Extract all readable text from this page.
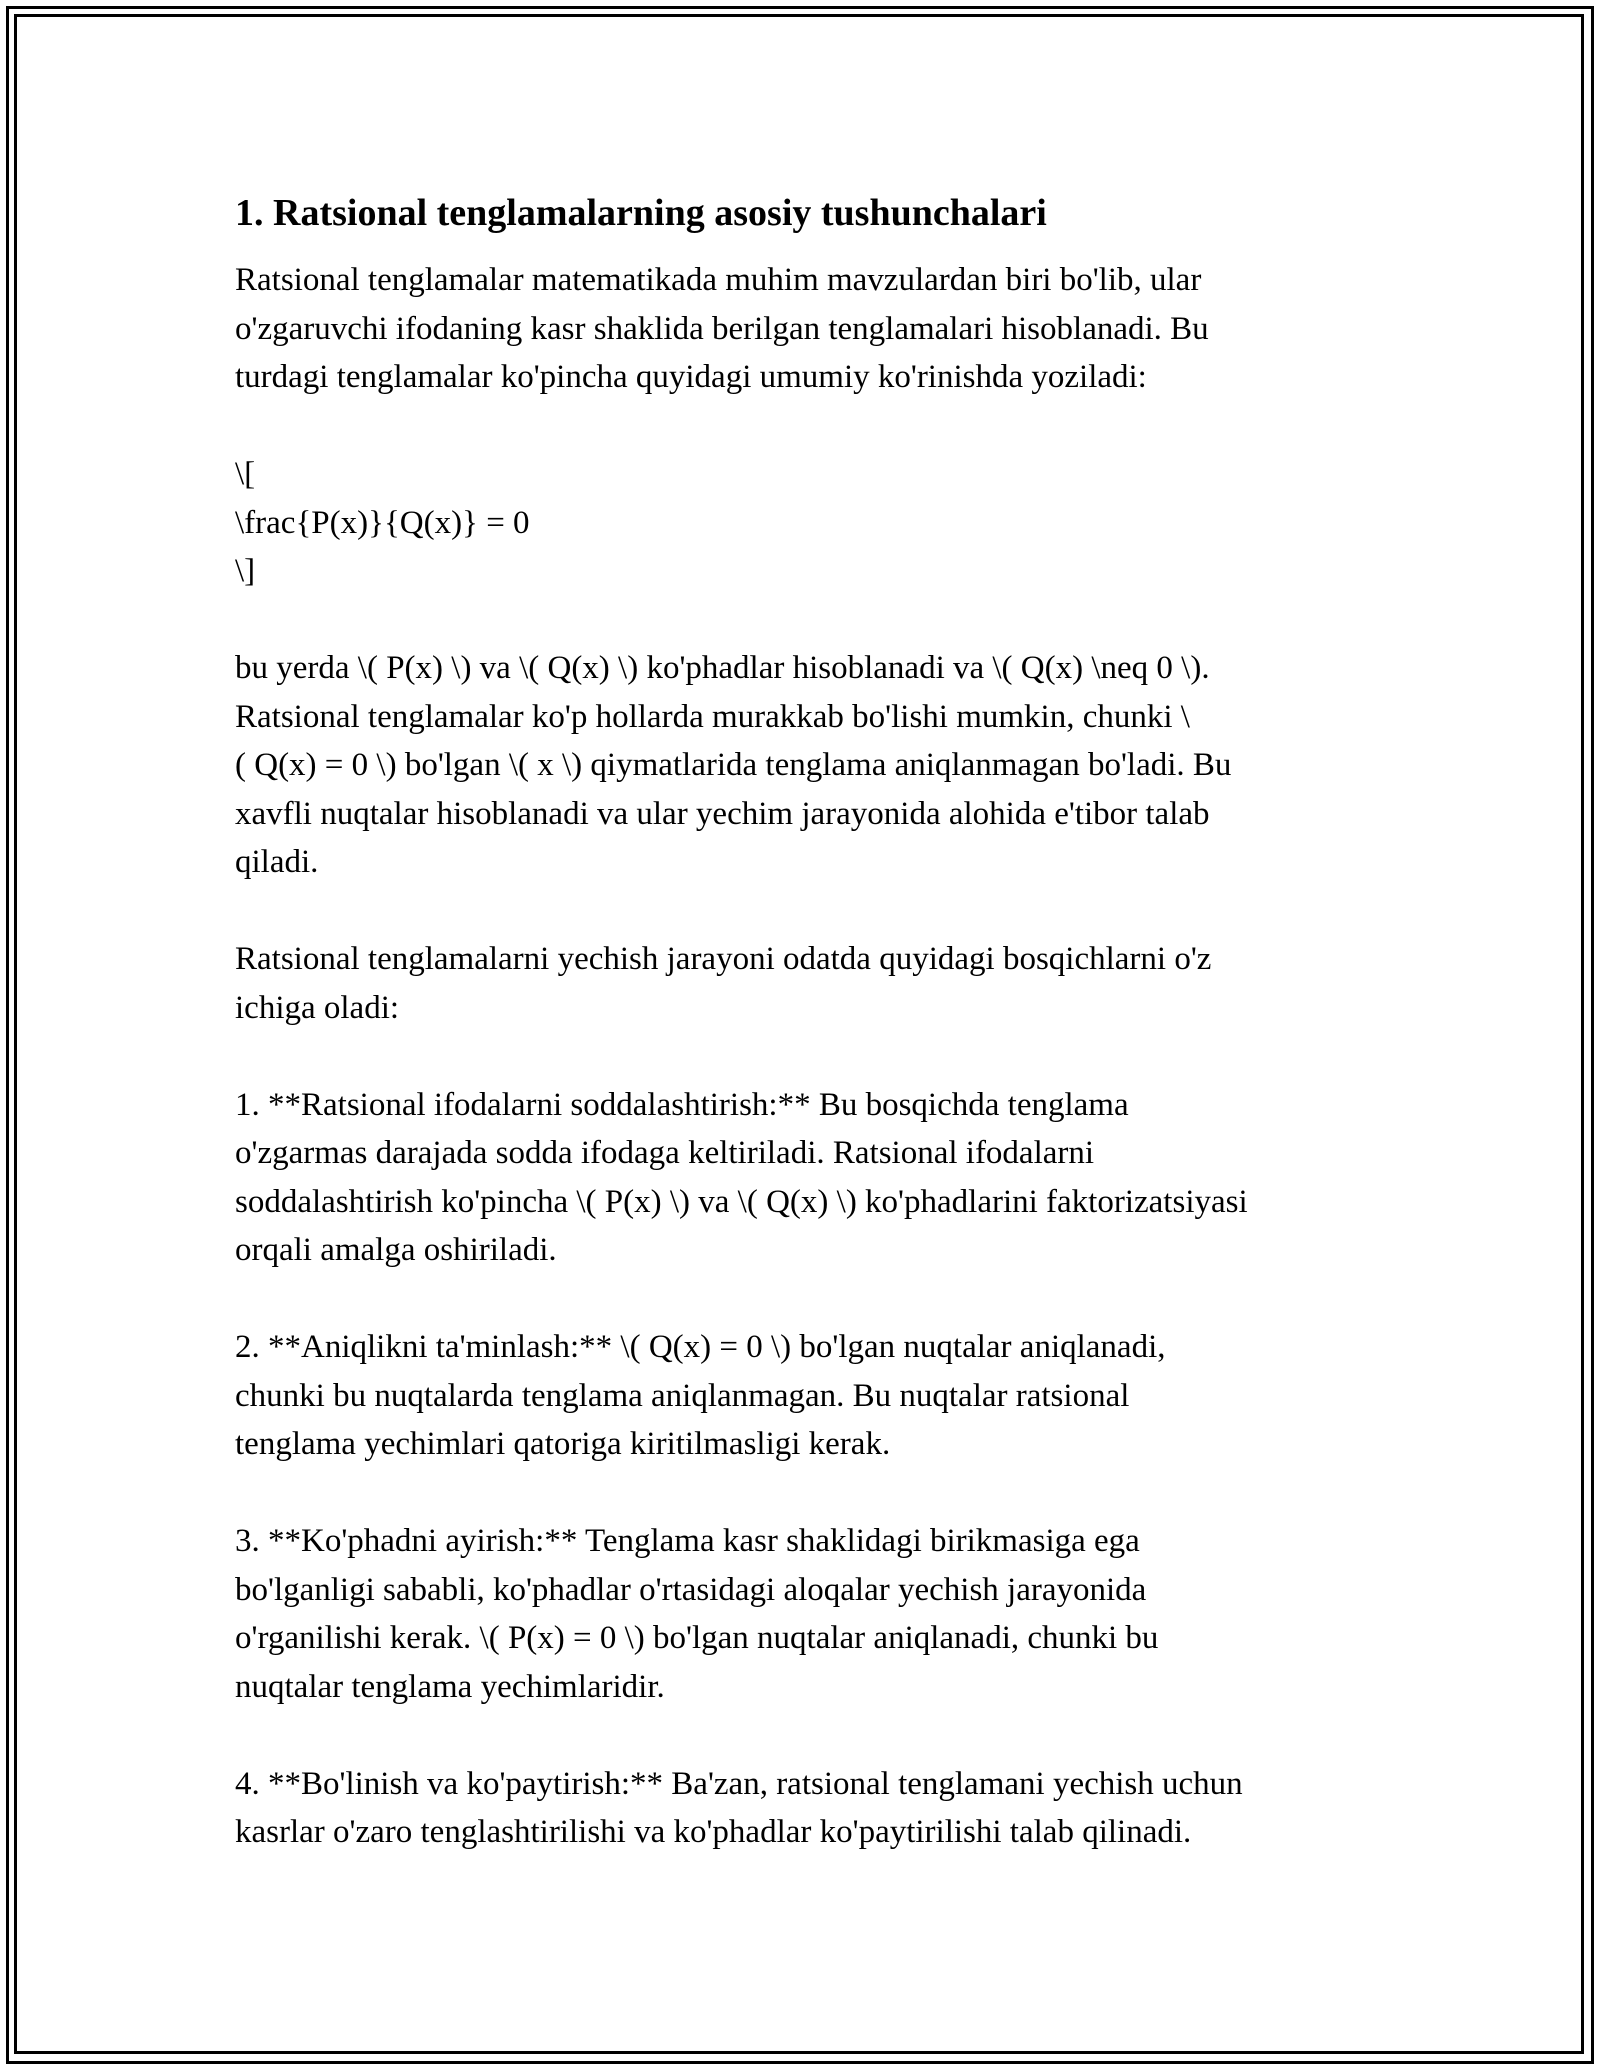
1. Ratsional tenglamalarning asosiy tushunchalari

Ratsional tenglamalar matematikada muhim mavzulardan biri bo'lib, ular
o'zgaruvchi ifodaning kasr shaklida berilgan tenglamalari hisoblanadi. Bu
turdagi tenglamalar ko'pincha quyidagi umumiy ko'rinishda yoziladi:

\[
\frac{P(x)}{Q(x)} = 0
\]

bu yerda \( P(x) \) va \( Q(x) \) ko'phadlar hisoblanadi va \( Q(x) \neq 0 \).
Ratsional tenglamalar ko'p hollarda murakkab bo'lishi mumkin, chunki \
( Q(x) = 0 \) bo'lgan \( x \) qiymatlarida tenglama aniqlanmagan bo'ladi. Bu
xavfli nuqtalar hisoblanadi va ular yechim jarayonida alohida e'tibor talab
qiladi.

Ratsional tenglamalarni yechish jarayoni odatda quyidagi bosqichlarni o'z
ichiga oladi:

1. **Ratsional ifodalarni soddalashtirish:** Bu bosqichda tenglama
o'zgarmas darajada sodda ifodaga keltiriladi. Ratsional ifodalarni
soddalashtirish ko'pincha \( P(x) \) va \( Q(x) \) ko'phadlarini faktorizatsiyasi
orqali amalga oshiriladi.

2. **Aniqlikni ta'minlash:** \( Q(x) = 0 \) bo'lgan nuqtalar aniqlanadi,
chunki bu nuqtalarda tenglama aniqlanmagan. Bu nuqtalar ratsional
tenglama yechimlari qatoriga kiritilmasligi kerak.

3. **Ko'phadni ayirish:** Tenglama kasr shaklidagi birikmasiga ega
bo'lganligi sababli, ko'phadlar o'rtasidagi aloqalar yechish jarayonida
o'rganilishi kerak. \( P(x) = 0 \) bo'lgan nuqtalar aniqlanadi, chunki bu
nuqtalar tenglama yechimlaridir.

4. **Bo'linish va ko'paytirish:** Ba'zan, ratsional tenglamani yechish uchun
kasrlar o'zaro tenglashtirilishi va ko'phadlar ko'paytirilishi talab qilinadi.
